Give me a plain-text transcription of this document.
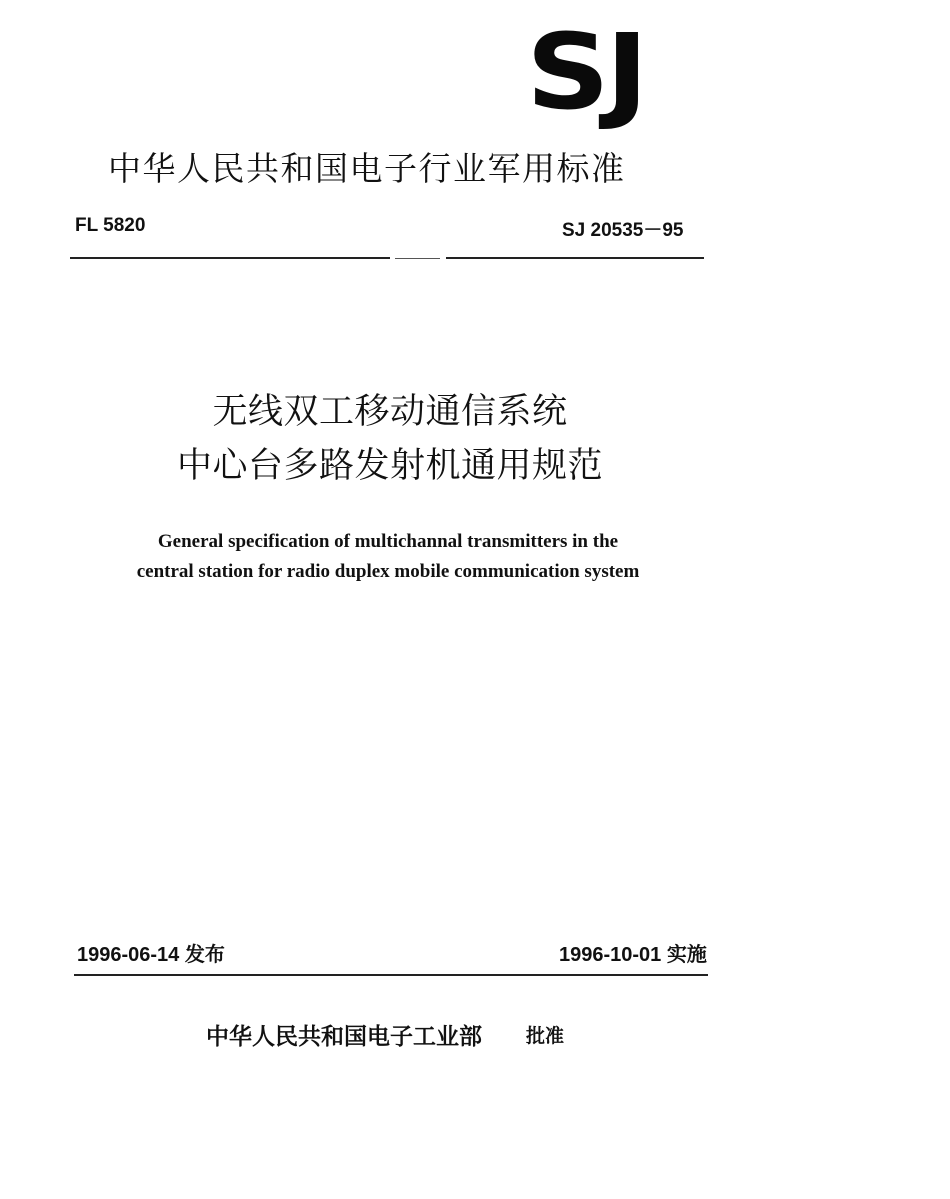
SJ
中华人民共和国电子行业军用标准
FL 5820	SJ 20535－95
无线双工移动通信系统
中心台多路发射机通用规范
General specification of multichannal transmitters in the
central station for radio duplex mobile communication system
1996-06-14 发布	1996-10-01 实施
中华人民共和国电子工业部 批准
